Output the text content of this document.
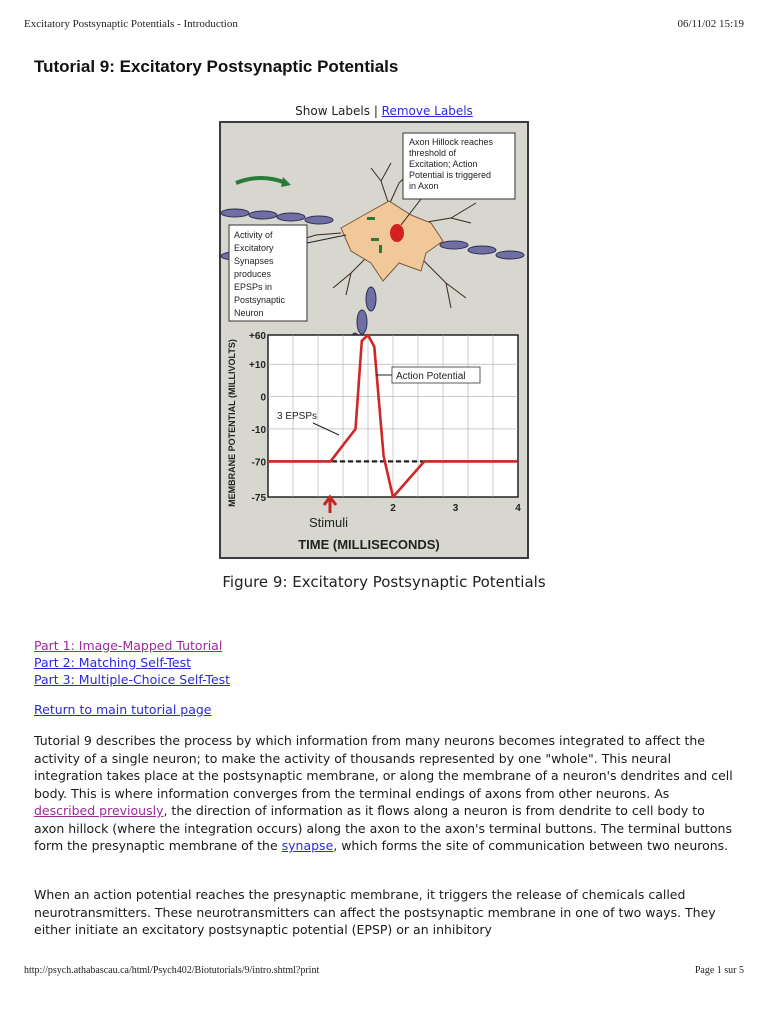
Excitatory Postsynaptic Potentials - Introduction	06/11/02 15:19
Tutorial 9: Excitatory Postsynaptic Potentials
Show Labels | Remove Labels
Axon Hillock reaches
threshold of
Excitation; Action
Potential is triggered
in Axon
Activity of
Excitatory
Synapses
produces
EPSPs in
Postsynaptic
Neuron
+60
+10
0
-10
-70
-75
2	3	4
MEMBRANE POTENTIAL (MILLIVOLTS)
TIME (MILLISECONDS)
Stimuli
Action Potential
3 EPSPs
Figure 9: Excitatory Postsynaptic Potentials
Part 1: Image-Mapped Tutorial
Part 2: Matching Self-Test
Part 3: Multiple-Choice Self-Test
Return to main tutorial page
Tutorial 9 describes the process by which information from many neurons becomes integrated to affect the activity of a single neuron; to make the activity of thousands represented by one "whole". This neural integration takes place at the postsynaptic membrane, or along the membrane of a neuron's dendrites and cell body. This is where information converges from the terminal endings of axons from other neurons. As described previously, the direction of information as it flows along a neuron is from dendrite to cell body to axon hillock (where the integration occurs) along the axon to the axon's terminal buttons. The terminal buttons form the presynaptic membrane of the synapse, which forms the site of communication between two neurons.
When an action potential reaches the presynaptic membrane, it triggers the release of chemicals called neurotransmitters. These neurotransmitters can affect the postsynaptic membrane in one of two ways. They either initiate an excitatory postsynaptic potential (EPSP) or an inhibitory
http://psych.athabascau.ca/html/Psych402/Biotutorials/9/intro.shtml?print	Page 1 sur 5
